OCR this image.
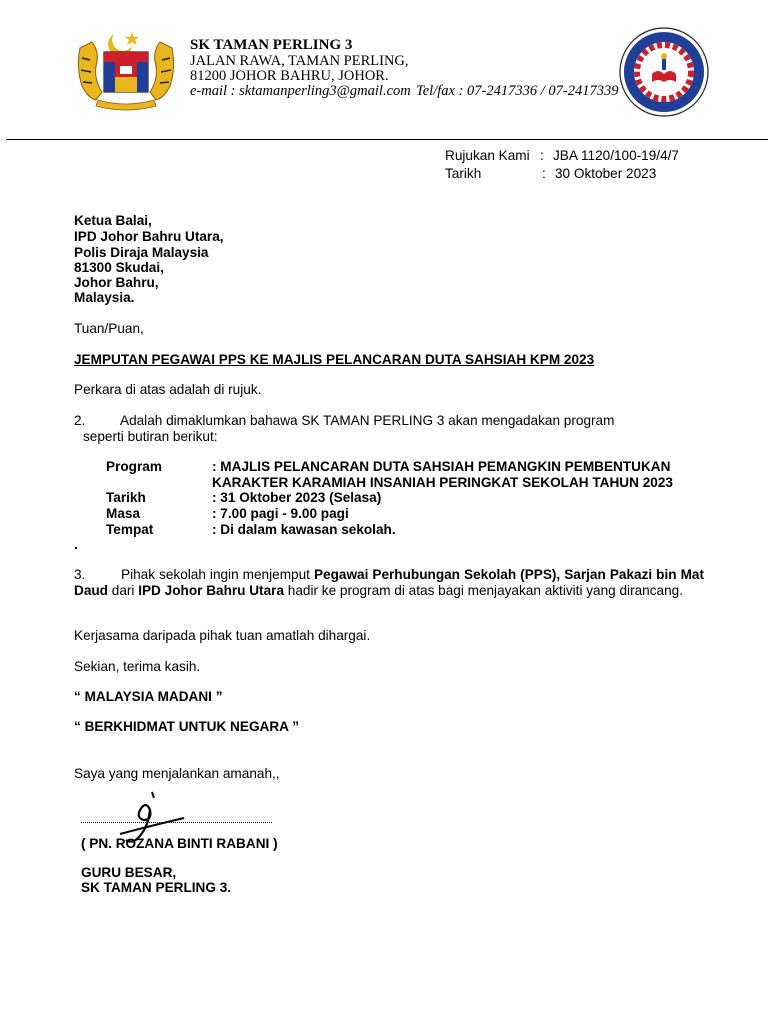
SK TAMAN PERLING 3
JALAN RAWA, TAMAN PERLING,
81200 JOHOR BAHRU, JOHOR.
e-mail : sktamanperling3@gmail.com Tel/fax : 07-2417336 / 07-2417339
Rujukan Kami : JBA 1120/100-19/4/7
Tarikh	: 30 Oktober 2023
Ketua Balai,
IPD Johor Bahru Utara,
Polis Diraja Malaysia
81300 Skudai,
Johor Bahru,
Malaysia.
Tuan/Puan,
JEMPUTAN PEGAWAI PPS KE MAJLIS PELANCARAN DUTA SAHSIAH KPM 2023
Perkara di atas adalah di rujuk.
2.	Adalah dimaklumkan bahawa SK TAMAN PERLING 3 akan mengadakan program
seperti butiran berikut:
Program	: MAJLIS PELANCARAN DUTA SAHSIAH PEMANGKIN PEMBENTUKAN
KARAKTER KARAMIAH INSANIAH PERINGKAT SEKOLAH TAHUN 2023
Tarikh	: 31 Oktober 2023 (Selasa)
Masa	: 7.00 pagi - 9.00 pagi
Tempat	: Di dalam kawasan sekolah.
.
3.	Pihak sekolah ingin menjemput Pegawai Perhubungan Sekolah (PPS), Sarjan Pakazi bin Mat Daud dari IPD Johor Bahru Utara hadir ke program di atas bagi menjayakan aktiviti yang dirancang.
Kerjasama daripada pihak tuan amatlah dihargai.
Sekian, terima kasih.
“ MALAYSIA MADANI ”
“ BERKHIDMAT UNTUK NEGARA ”
Saya yang menjalankan amanah,,
( PN. ROZANA BINTI RABANI )
GURU BESAR,
SK TAMAN PERLING 3.
